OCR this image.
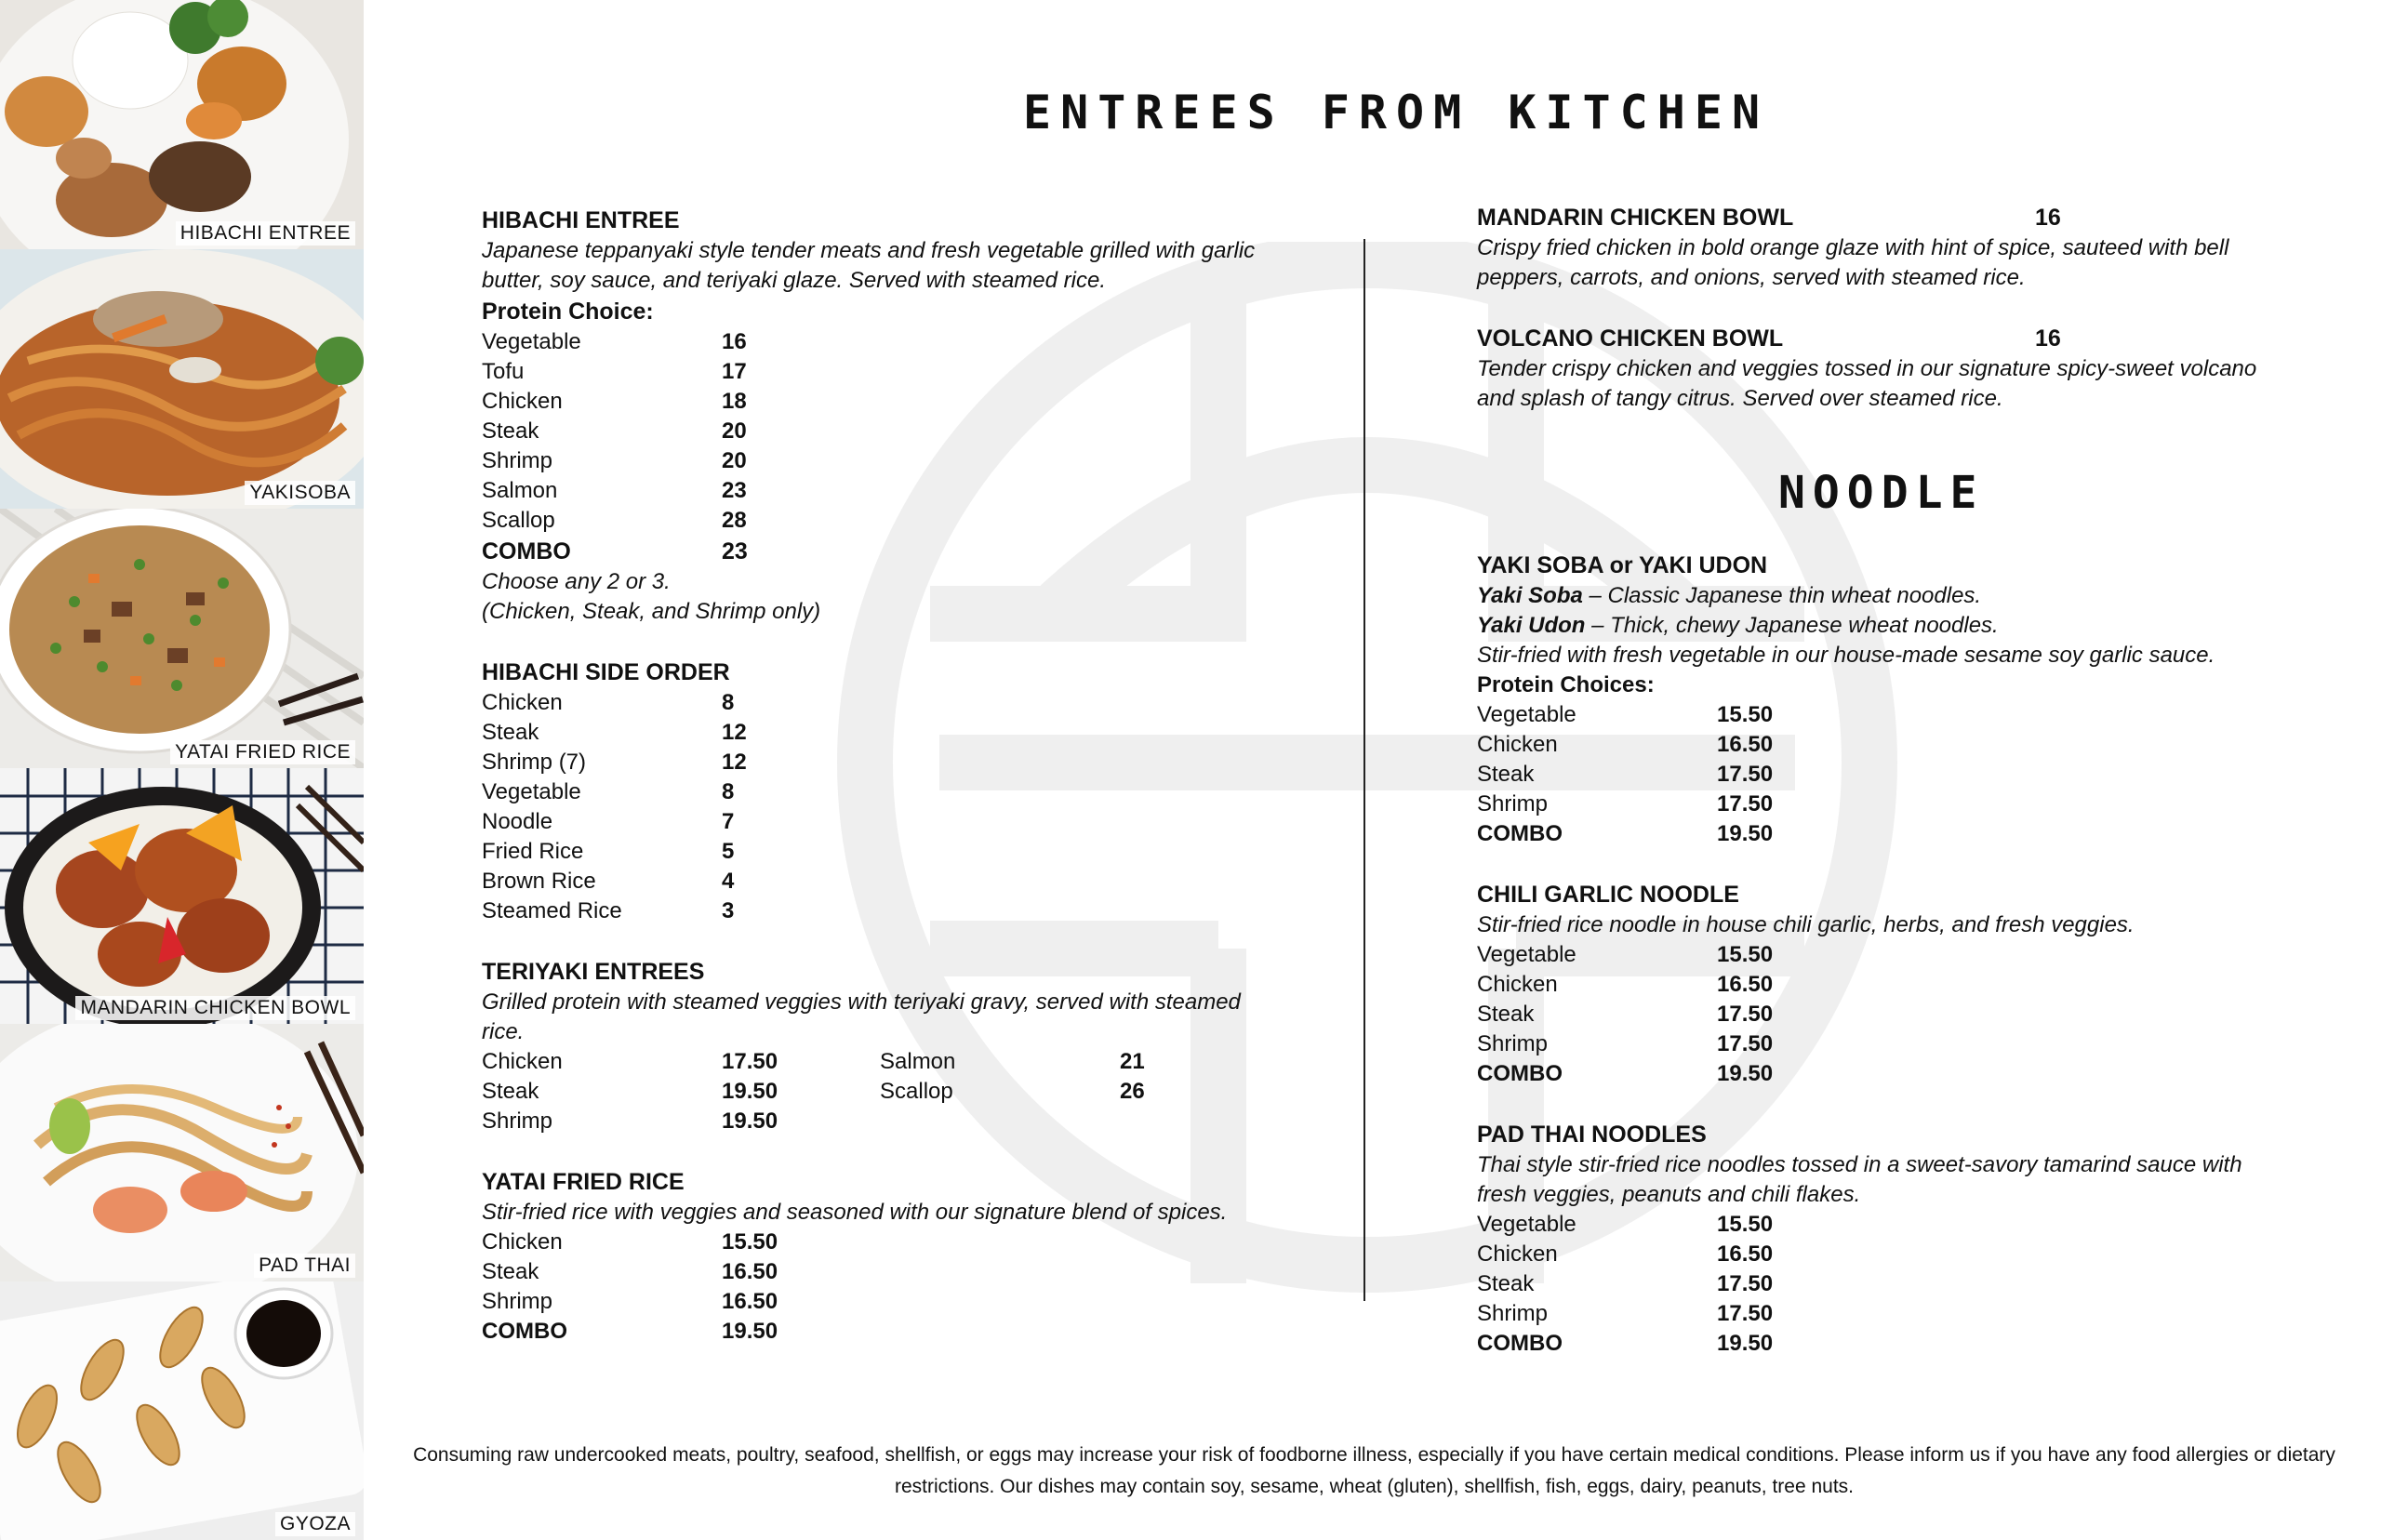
HIBACHI ENTREE
YAKISOBA
YATAI FRIED RICE
MANDARIN CHICKEN BOWL
PAD THAI
GYOZA
ENTREES FROM KITCHEN
HIBACHI ENTREE
Japanese teppanyaki style tender meats and fresh vegetable grilled with garlic butter, soy sauce, and teriyaki glaze. Served with steamed rice.
Protein Choice:
Vegetable	16
Tofu	17
Chicken	18
Steak	20
Shrimp	20
Salmon	23
Scallop	28
COMBO	23
Choose any 2 or 3.
(Chicken, Steak, and Shrimp only)
HIBACHI SIDE ORDER
Chicken	8
Steak	12
Shrimp (7)	12
Vegetable	8
Noodle	7
Fried Rice	5
Brown Rice	4
Steamed Rice	3
TERIYAKI ENTREES
Grilled protein with steamed veggies with teriyaki gravy, served with steamed rice.
Chicken	17.50	Salmon	21
Steak	19.50	Scallop	26
Shrimp	19.50
YATAI FRIED RICE
Stir-fried rice with veggies and seasoned with our signature blend of spices.
Chicken	15.50
Steak	16.50
Shrimp	16.50
COMBO	19.50
MANDARIN CHICKEN BOWL	16
Crispy fried chicken in bold orange glaze with hint of spice, sauteed with bell peppers, carrots, and onions, served with steamed rice.
VOLCANO CHICKEN BOWL	16
Tender crispy chicken and veggies tossed in our signature spicy-sweet volcano and splash of tangy citrus. Served over steamed rice.
NOODLE
YAKI SOBA or YAKI UDON
Yaki Soba – Classic Japanese thin wheat noodles.
Yaki Udon – Thick, chewy Japanese wheat noodles.
Stir-fried with fresh vegetable in our house-made sesame soy garlic sauce.
Protein Choices:
Vegetable	15.50
Chicken	16.50
Steak	17.50
Shrimp	17.50
COMBO	19.50
CHILI GARLIC NOODLE
Stir-fried rice noodle in house chili garlic, herbs, and fresh veggies.
Vegetable	15.50
Chicken	16.50
Steak	17.50
Shrimp	17.50
COMBO	19.50
PAD THAI NOODLES
Thai style stir-fried rice noodles tossed in a sweet-savory tamarind sauce with fresh veggies, peanuts and chili flakes.
Vegetable	15.50
Chicken	16.50
Steak	17.50
Shrimp	17.50
COMBO	19.50
Consuming raw undercooked meats, poultry, seafood, shellfish, or eggs may increase your risk of foodborne illness, especially if you have certain medical conditions. Please inform us if you have any food allergies or dietary
restrictions. Our dishes may contain soy, sesame, wheat (gluten), shellfish, fish, eggs, dairy, peanuts, tree nuts.
